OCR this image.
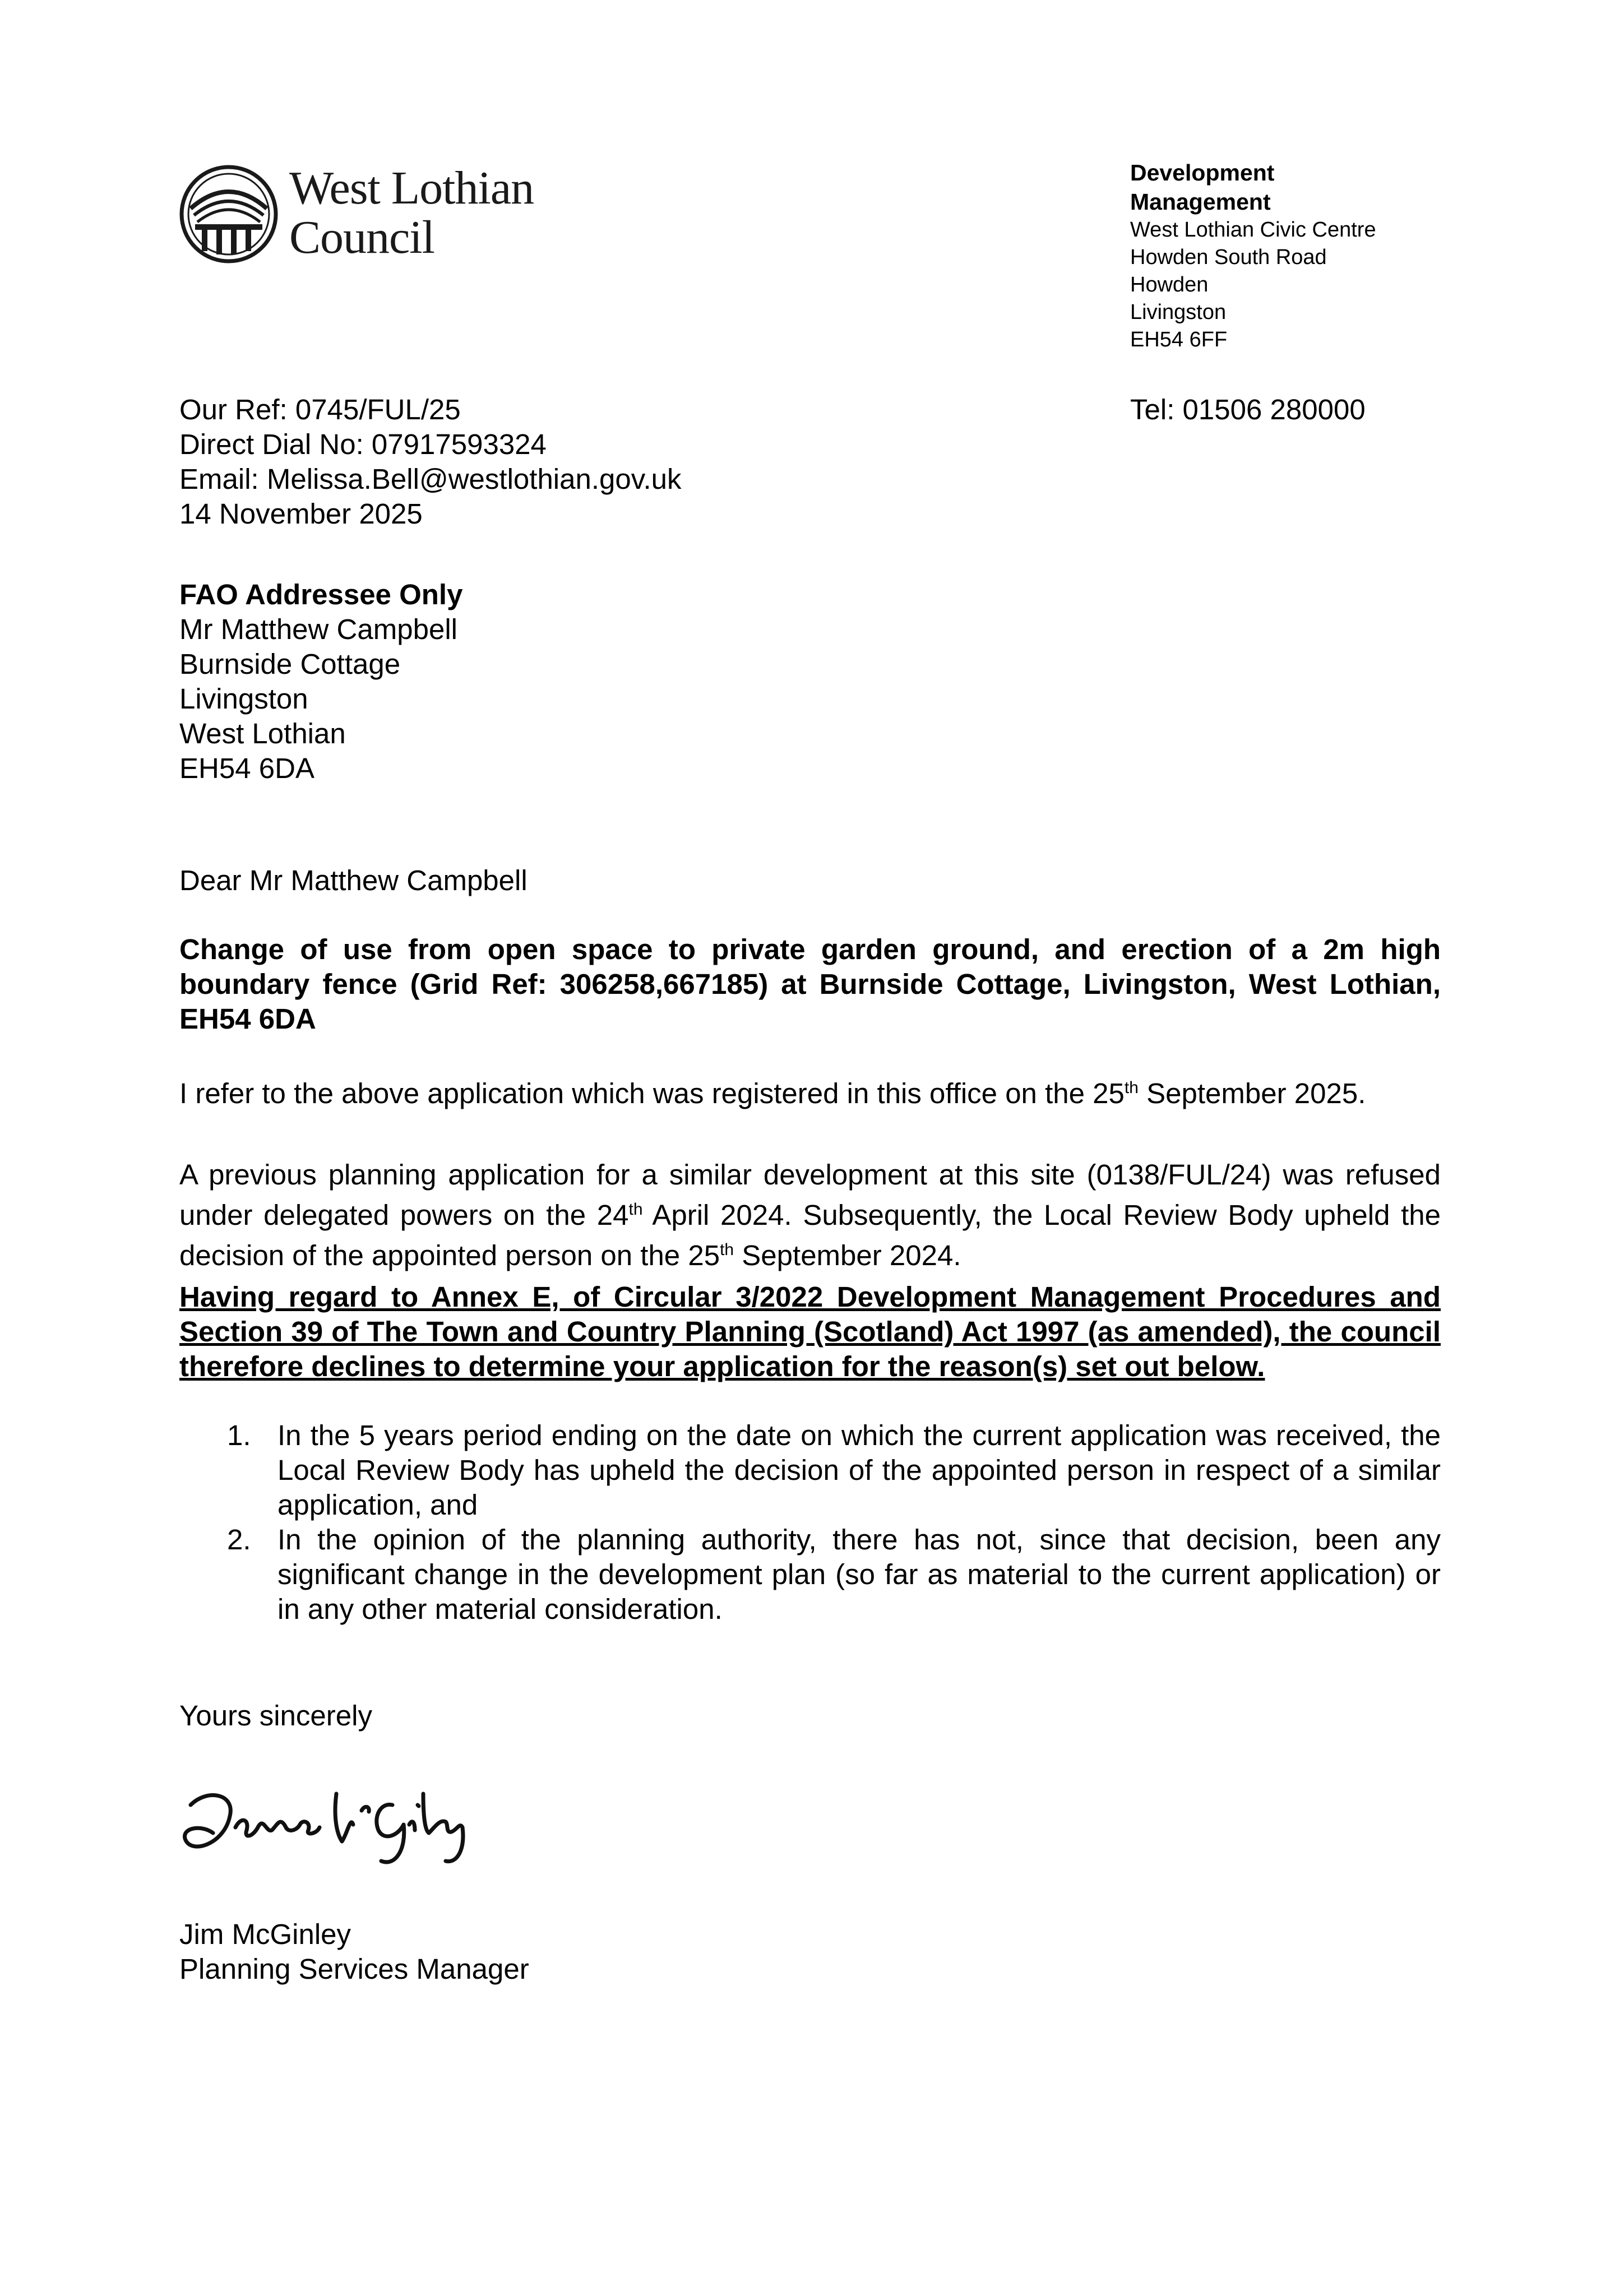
West Lothian
Council
Development
Management
West Lothian Civic Centre
Howden South Road
Howden
Livingston
EH54 6FF
Our Ref: 0745/FUL/25
Direct Dial No: 07917593324
Email: Melissa.Bell@westlothian.gov.uk
14 November 2025
Tel: 01506 280000
FAO Addressee Only
Mr Matthew Campbell
Burnside Cottage
Livingston
West Lothian
EH54 6DA
Dear Mr Matthew Campbell
Change of use from open space to private garden ground, and erection of a 2m high boundary fence (Grid Ref: 306258,667185) at Burnside Cottage, Livingston, West Lothian, EH54 6DA
I refer to the above application which was registered in this office on the 25th September 2025.
A previous planning application for a similar development at this site (0138/FUL/24) was refused under delegated powers on the 24th April 2024. Subsequently, the Local Review Body upheld the decision of the appointed person on the 25th September 2024.
Having regard to Annex E, of Circular 3/2022 Development Management Procedures and Section 39 of The Town and Country Planning (Scotland) Act 1997 (as amended), the council therefore declines to determine your application for the reason(s) set out below.
1. In the 5 years period ending on the date on which the current application was received, the Local Review Body has upheld the decision of the appointed person in respect of a similar application, and
2. In the opinion of the planning authority, there has not, since that decision, been any significant change in the development plan (so far as material to the current application) or in any other material consideration.
Yours sincerely
Jim McGinley
Planning Services Manager
